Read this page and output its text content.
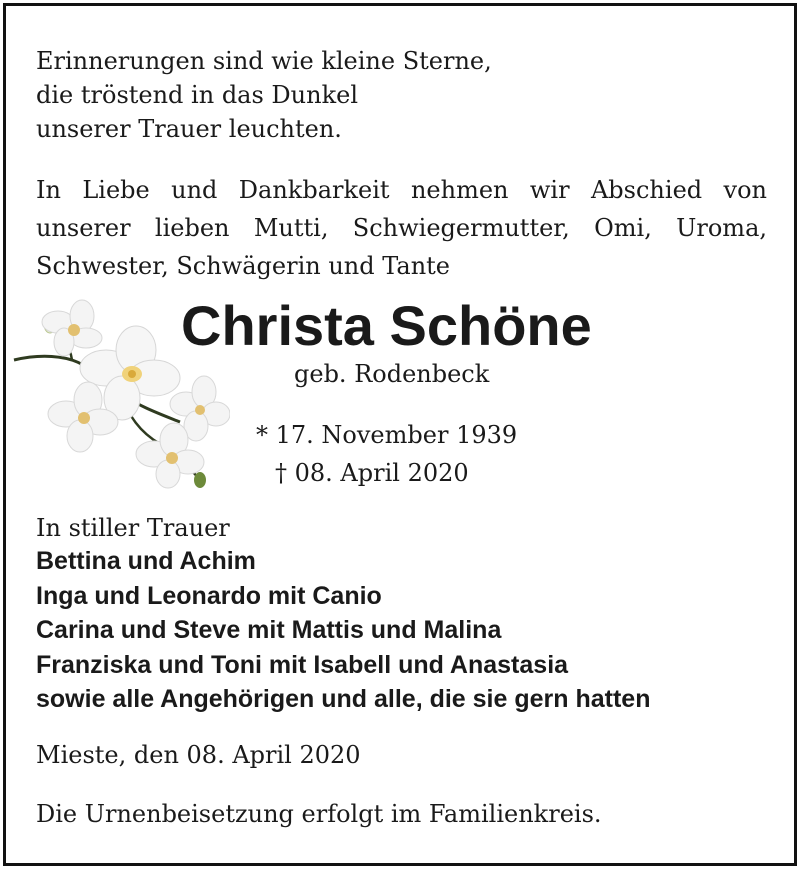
Erinnerungen sind wie kleine Sterne,
die tröstend in das Dunkel
unserer Trauer leuchten.

In Liebe und Dankbarkeit nehmen wir Abschied von
unserer lieben Mutti, Schwiegermutter, Omi, Uroma,
Schwester, Schwägerin und Tante

Christa Schöne

geb. Rodenbeck

* 17. November 1939
† 08. April 2020

In stiller Trauer

Bettina und Achim
Inga und Leonardo mit Canio
Carina und Steve mit Mattis und Malina
Franziska und Toni mit Isabell und Anastasia
sowie alle Angehörigen und alle, die sie gern hatten

Mieste, den 08. April 2020

Die Urnenbeisetzung erfolgt im Familienkreis.
